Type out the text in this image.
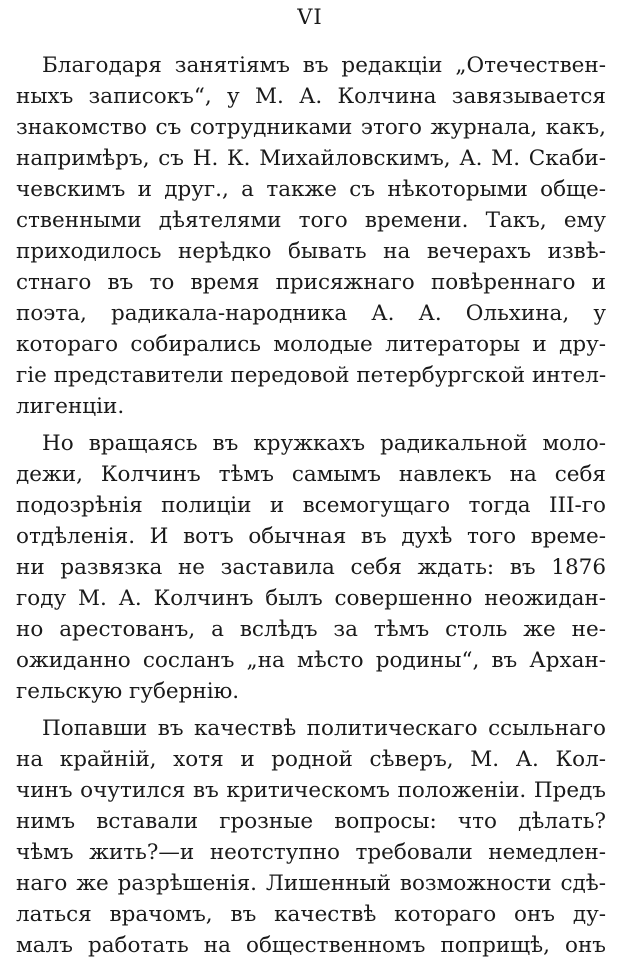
VI
Благодаря занятіямъ въ редакціи „Отечествен-
ныхъ записокъ“, у М. А. Колчина завязывается
знакомство съ сотрудниками этого журнала, какъ,
напримѣръ, съ Н. К. Михайловскимъ, А. М. Скаби-
чевскимъ и друг., а также съ нѣкоторыми обще-
ственными дѣятелями того времени. Такъ, ему
приходилось нерѣдко бывать на вечерахъ извѣ-
стнаго въ то время присяжнаго повѣреннаго и
поэта, радикала-народника А. А. Ольхина, у
котораго собирались молодые литераторы и дру-
гіе представители передовой петербургской интел-
лигенціи.
Но вращаясь въ кружкахъ радикальной моло-
дежи, Колчинъ тѣмъ самымъ навлекъ на себя
подозрѣнія полиціи и всемогущаго тогда III-го
отдѣленія. И вотъ обычная въ духѣ того време-
ни развязка не заставила себя ждать: въ 1876
году М. А. Колчинъ былъ совершенно неожидан-
но арестованъ, а вслѣдъ за тѣмъ столь же не-
ожиданно сосланъ „на мѣсто родины“, въ Архан-
гельскую губернію.
Попавши въ качествѣ политическаго ссыльнаго
на крайній, хотя и родной сѣверъ, М. А. Кол-
чинъ очутился въ критическомъ положеніи. Предъ
нимъ вставали грозные вопросы: что дѣлать?
чѣмъ жить?—и неотступно требовали немедлен-
наго же разрѣшенія. Лишенный возможности сдѣ-
латься врачомъ, въ качествѣ котораго онъ ду-
малъ работать на общественномъ поприщѣ, онъ
